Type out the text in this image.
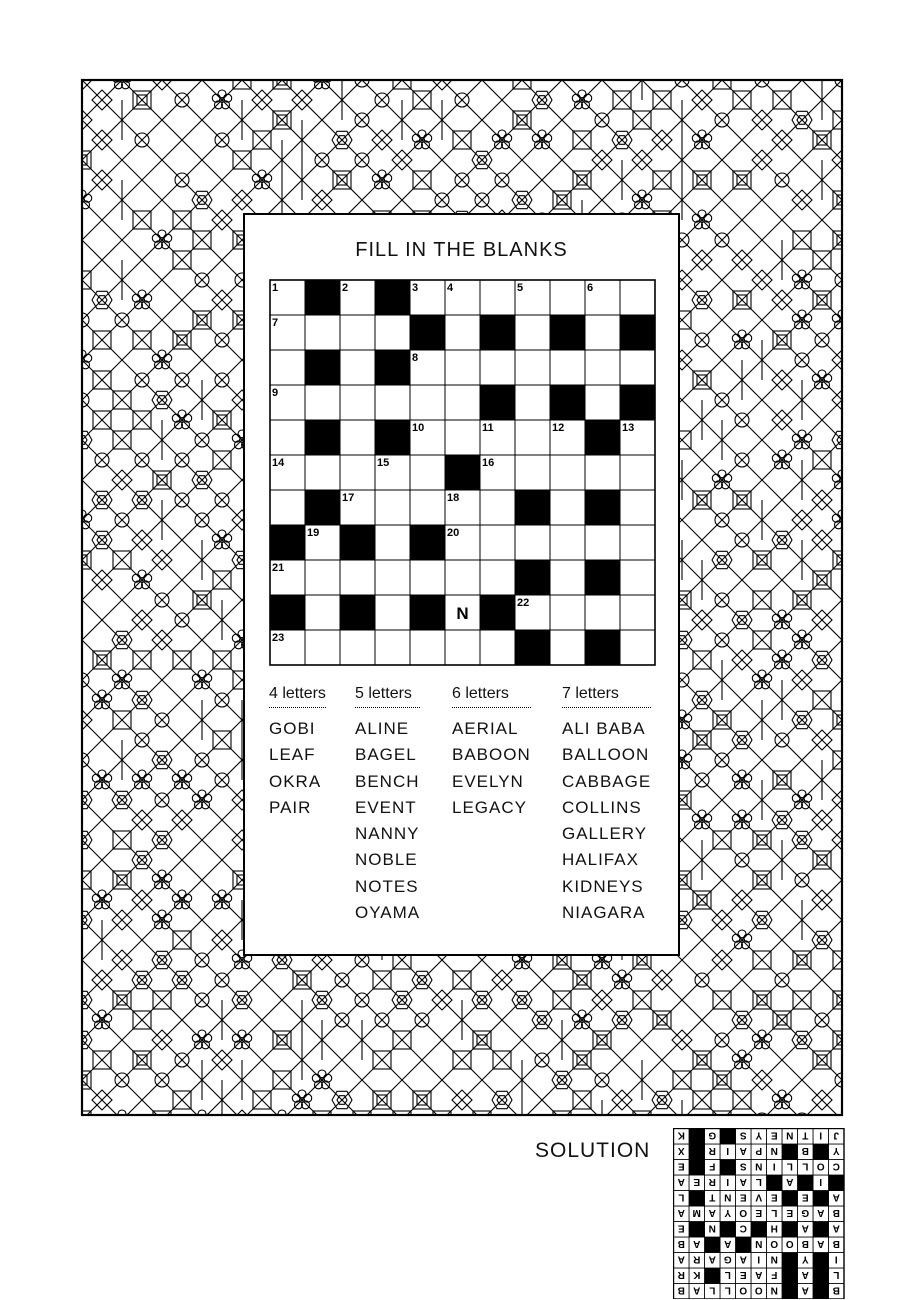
FILL IN THE BLANKS
1	2	3	4	5	6
7
8
9
10	11	12	13
14	15	16
17	18
19	20
21
22
23
N
4 letters
GOBI
LEAF
OKRA
PAIR
5 letters
ALINE
BAGEL
BENCH
EVENT
NANNY
NOBLE
NOTES
OYAMA
6 letters
AERIAL
BABOON
EVELYN
LEGACY
7 letters
ALI BABA
BALLOON
CABBAGE
COLLINS
GALLERY
HALIFAX
KIDNEYS
NIAGARA
SOLUTION
B
A
N
O
O
L
L
A
B
L
A
F
A
E
L
K
R
I
Y
N
I
A
G
A
R
A
B
A
B
O
O
N
A
A
B
A
A
H
C
N
E
B
A
G
E
L
E
O
Y
A
M
A
A
E
E
V
E
N
T
L
I
A
L
A
I
R
E
A
C
O
L
L
I
N
S
F
E
Y
B
N
P
A
I
R
X
J
I
T
N
E
Y
S
G
K
